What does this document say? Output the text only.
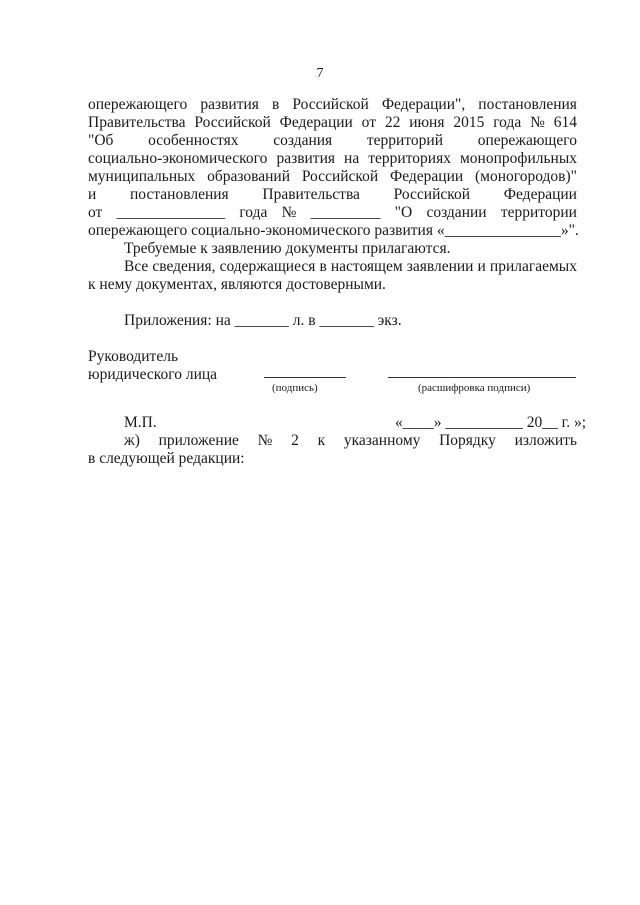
7
опережающего развития в Российской Федерации", постановления
Правительства Российской Федерации от 22 июня 2015 года № 614
"Об особенностях создания территорий опережающего
социально-экономического развития на территориях монопрофильных
муниципальных образований Российской Федерации (моногородов)"
и постановления Правительства Российской Федерации
от ______________ года № _________ "О создании территории
опережающего социально-экономического развития «_______________»".
Требуемые к заявлению документы прилагаются.
Все сведения, содержащиеся в настоящем заявлении и прилагаемых
к нему документах, являются достоверными.
Приложения: на _______ л. в _______ экз.
Руководитель
юридического лица
(подпись)	(расшифровка подписи)
М.П.	«____» __________ 20__ г. »;
ж) приложение № 2 к указанному Порядку изложить
в следующей редакции:
